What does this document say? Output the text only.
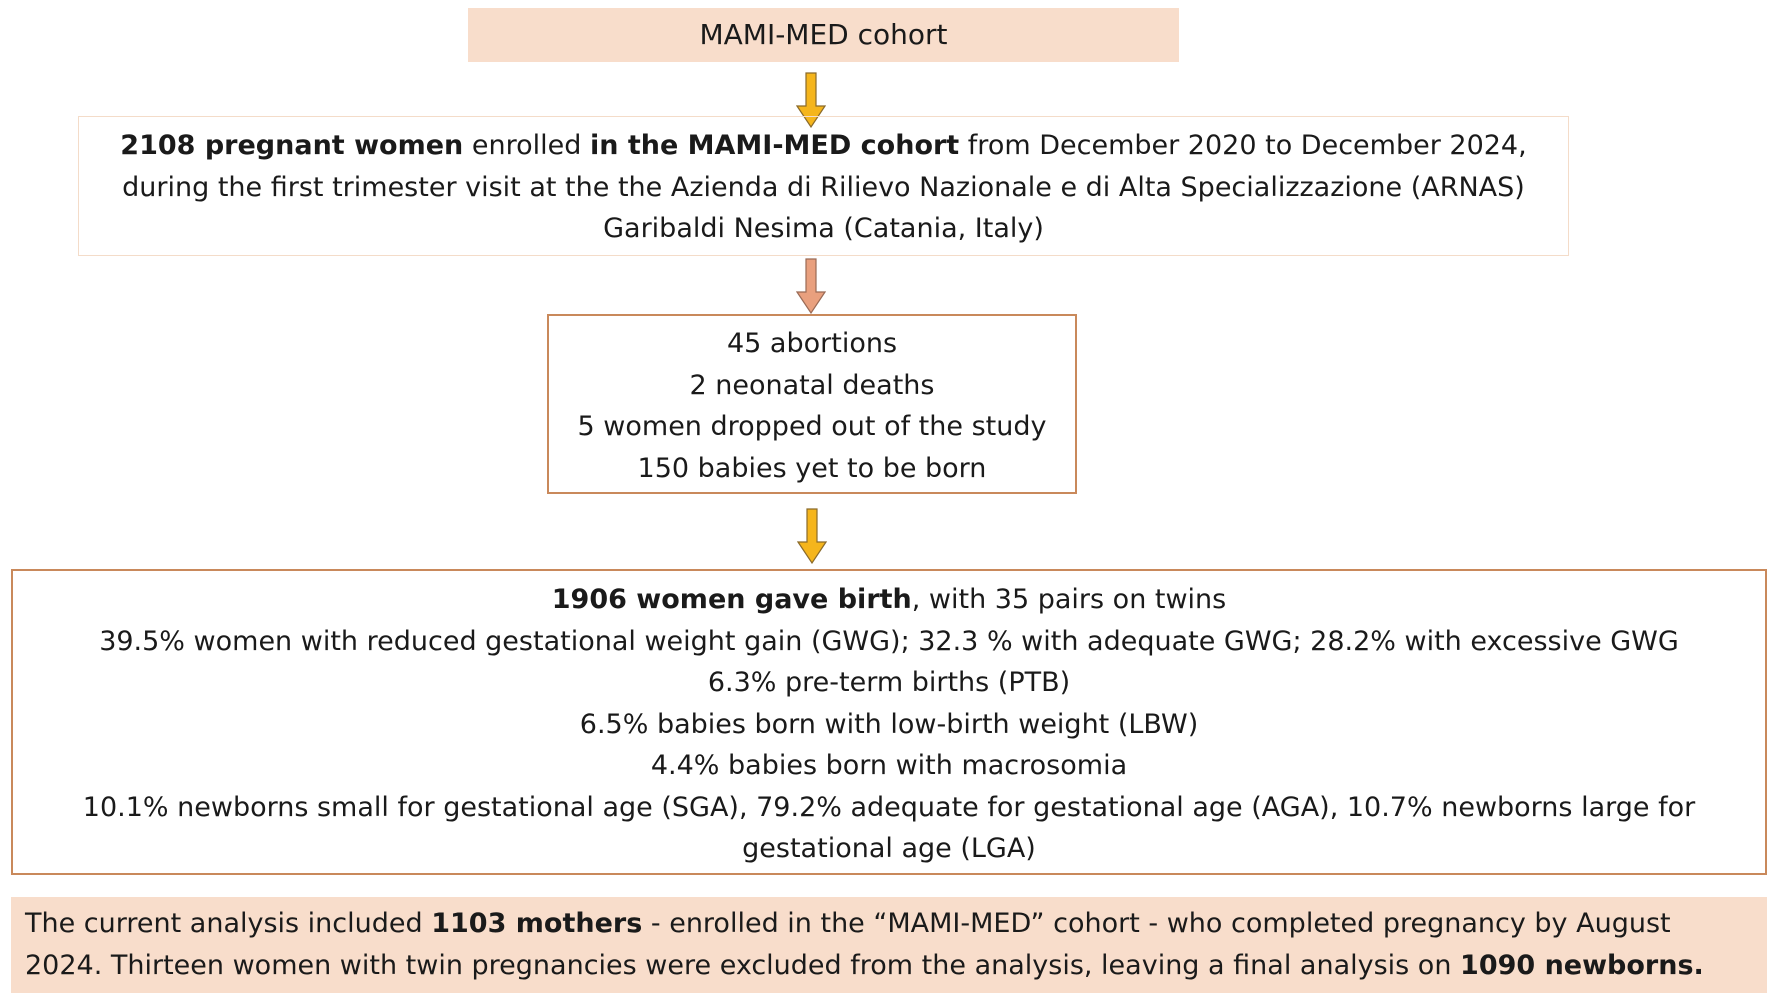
MAMI-MED cohort
2108 pregnant women enrolled in the MAMI-MED cohort from December 2020 to December 2024,
during the first trimester visit at the the Azienda di Rilievo Nazionale e di Alta Specializzazione (ARNAS)
Garibaldi Nesima (Catania, Italy)
45 abortions
2 neonatal deaths
5 women dropped out of the study
150 babies yet to be born
1906 women gave birth, with 35 pairs on twins
39.5% women with reduced gestational weight gain (GWG); 32.3 % with adequate GWG; 28.2% with excessive GWG
6.3% pre-term births (PTB)
6.5% babies born with low-birth weight (LBW)
4.4% babies born with macrosomia
10.1% newborns small for gestational age (SGA), 79.2% adequate for gestational age (AGA), 10.7% newborns large for
gestational age (LGA)
The current analysis included 1103 mothers - enrolled in the “MAMI-MED” cohort - who completed pregnancy by August 2024. Thirteen women with twin pregnancies were excluded from the analysis, leaving a final analysis on 1090 newborns.
